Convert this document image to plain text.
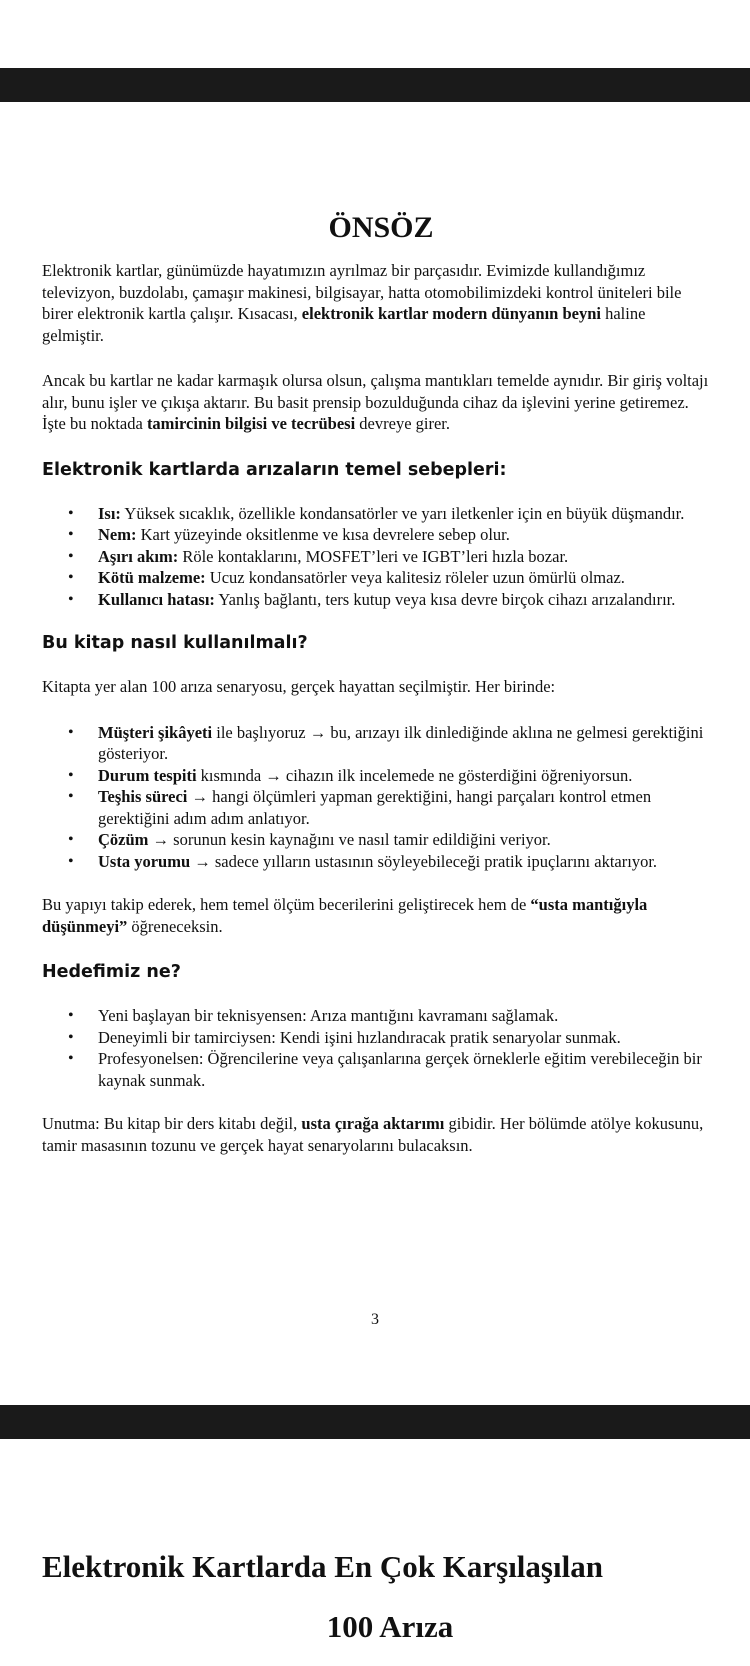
ÖNSÖZ

Elektronik kartlar, günümüzde hayatımızın ayrılmaz bir parçasıdır. Evimizde kullandığımız televizyon, buzdolabı, çamaşır makinesi, bilgisayar, hatta otomobilimizdeki kontrol üniteleri bile birer elektronik kartla çalışır. Kısacası, elektronik kartlar modern dünyanın beyni haline gelmiştir.

Ancak bu kartlar ne kadar karmaşık olursa olsun, çalışma mantıkları temelde aynıdır. Bir giriş voltajı alır, bunu işler ve çıkışa aktarır. Bu basit prensip bozulduğunda cihaz da işlevini yerine getiremez. İşte bu noktada tamircinin bilgisi ve tecrübesi devreye girer.

Elektronik kartlarda arızaların temel sebepleri:
• Isı: Yüksek sıcaklık, özellikle kondansatörler ve yarı iletkenler için en büyük düşmandır.
• Nem: Kart yüzeyinde oksitlenme ve kısa devrelere sebep olur.
• Aşırı akım: Röle kontaklarını, MOSFET’leri ve IGBT’leri hızla bozar.
• Kötü malzeme: Ucuz kondansatörler veya kalitesiz röleler uzun ömürlü olmaz.
• Kullanıcı hatası: Yanlış bağlantı, ters kutup veya kısa devre birçok cihazı arızalandırır.
Bu kitap nasıl kullanılmalı?

Kitapta yer alan 100 arıza senaryosu, gerçek hayattan seçilmiştir. Her birinde:

• Müşteri şikâyeti ile başlıyoruz → bu, arızayı ilk dinlediğinde aklına ne gelmesi gerektiğini gösteriyor.
• Durum tespiti kısmında → cihazın ilk incelemede ne gösterdiğini öğreniyorsun.
• Teşhis süreci → hangi ölçümleri yapman gerektiğini, hangi parçaları kontrol etmen gerektiğini adım adım anlatıyor.
• Çözüm → sorunun kesin kaynağını ve nasıl tamir edildiğini veriyor.
• Usta yorumu → sadece yılların ustasının söyleyebileceği pratik ipuçlarını aktarıyor.

Bu yapıyı takip ederek, hem temel ölçüm becerilerini geliştirecek hem de “usta mantığıyla düşünmeyi” öğreneceksin.

Hedefimiz ne?
• Yeni başlayan bir teknisyensen: Arıza mantığını kavramanı sağlamak.
• Deneyimli bir tamirciysen: Kendi işini hızlandıracak pratik senaryolar sunmak.
• Profesyonelsen: Öğrencilerine veya çalışanlarına gerçek örneklerle eğitim verebileceğin bir kaynak sunmak.

Unutma: Bu kitap bir ders kitabı değil, usta çırağa aktarımı gibidir. Her bölümde atölye kokusunu, tamir masasının tozunu ve gerçek hayat senaryolarını bulacaksın.

3
Elektronik Kartlarda En Çok Karşılaşılan
100 Arıza
